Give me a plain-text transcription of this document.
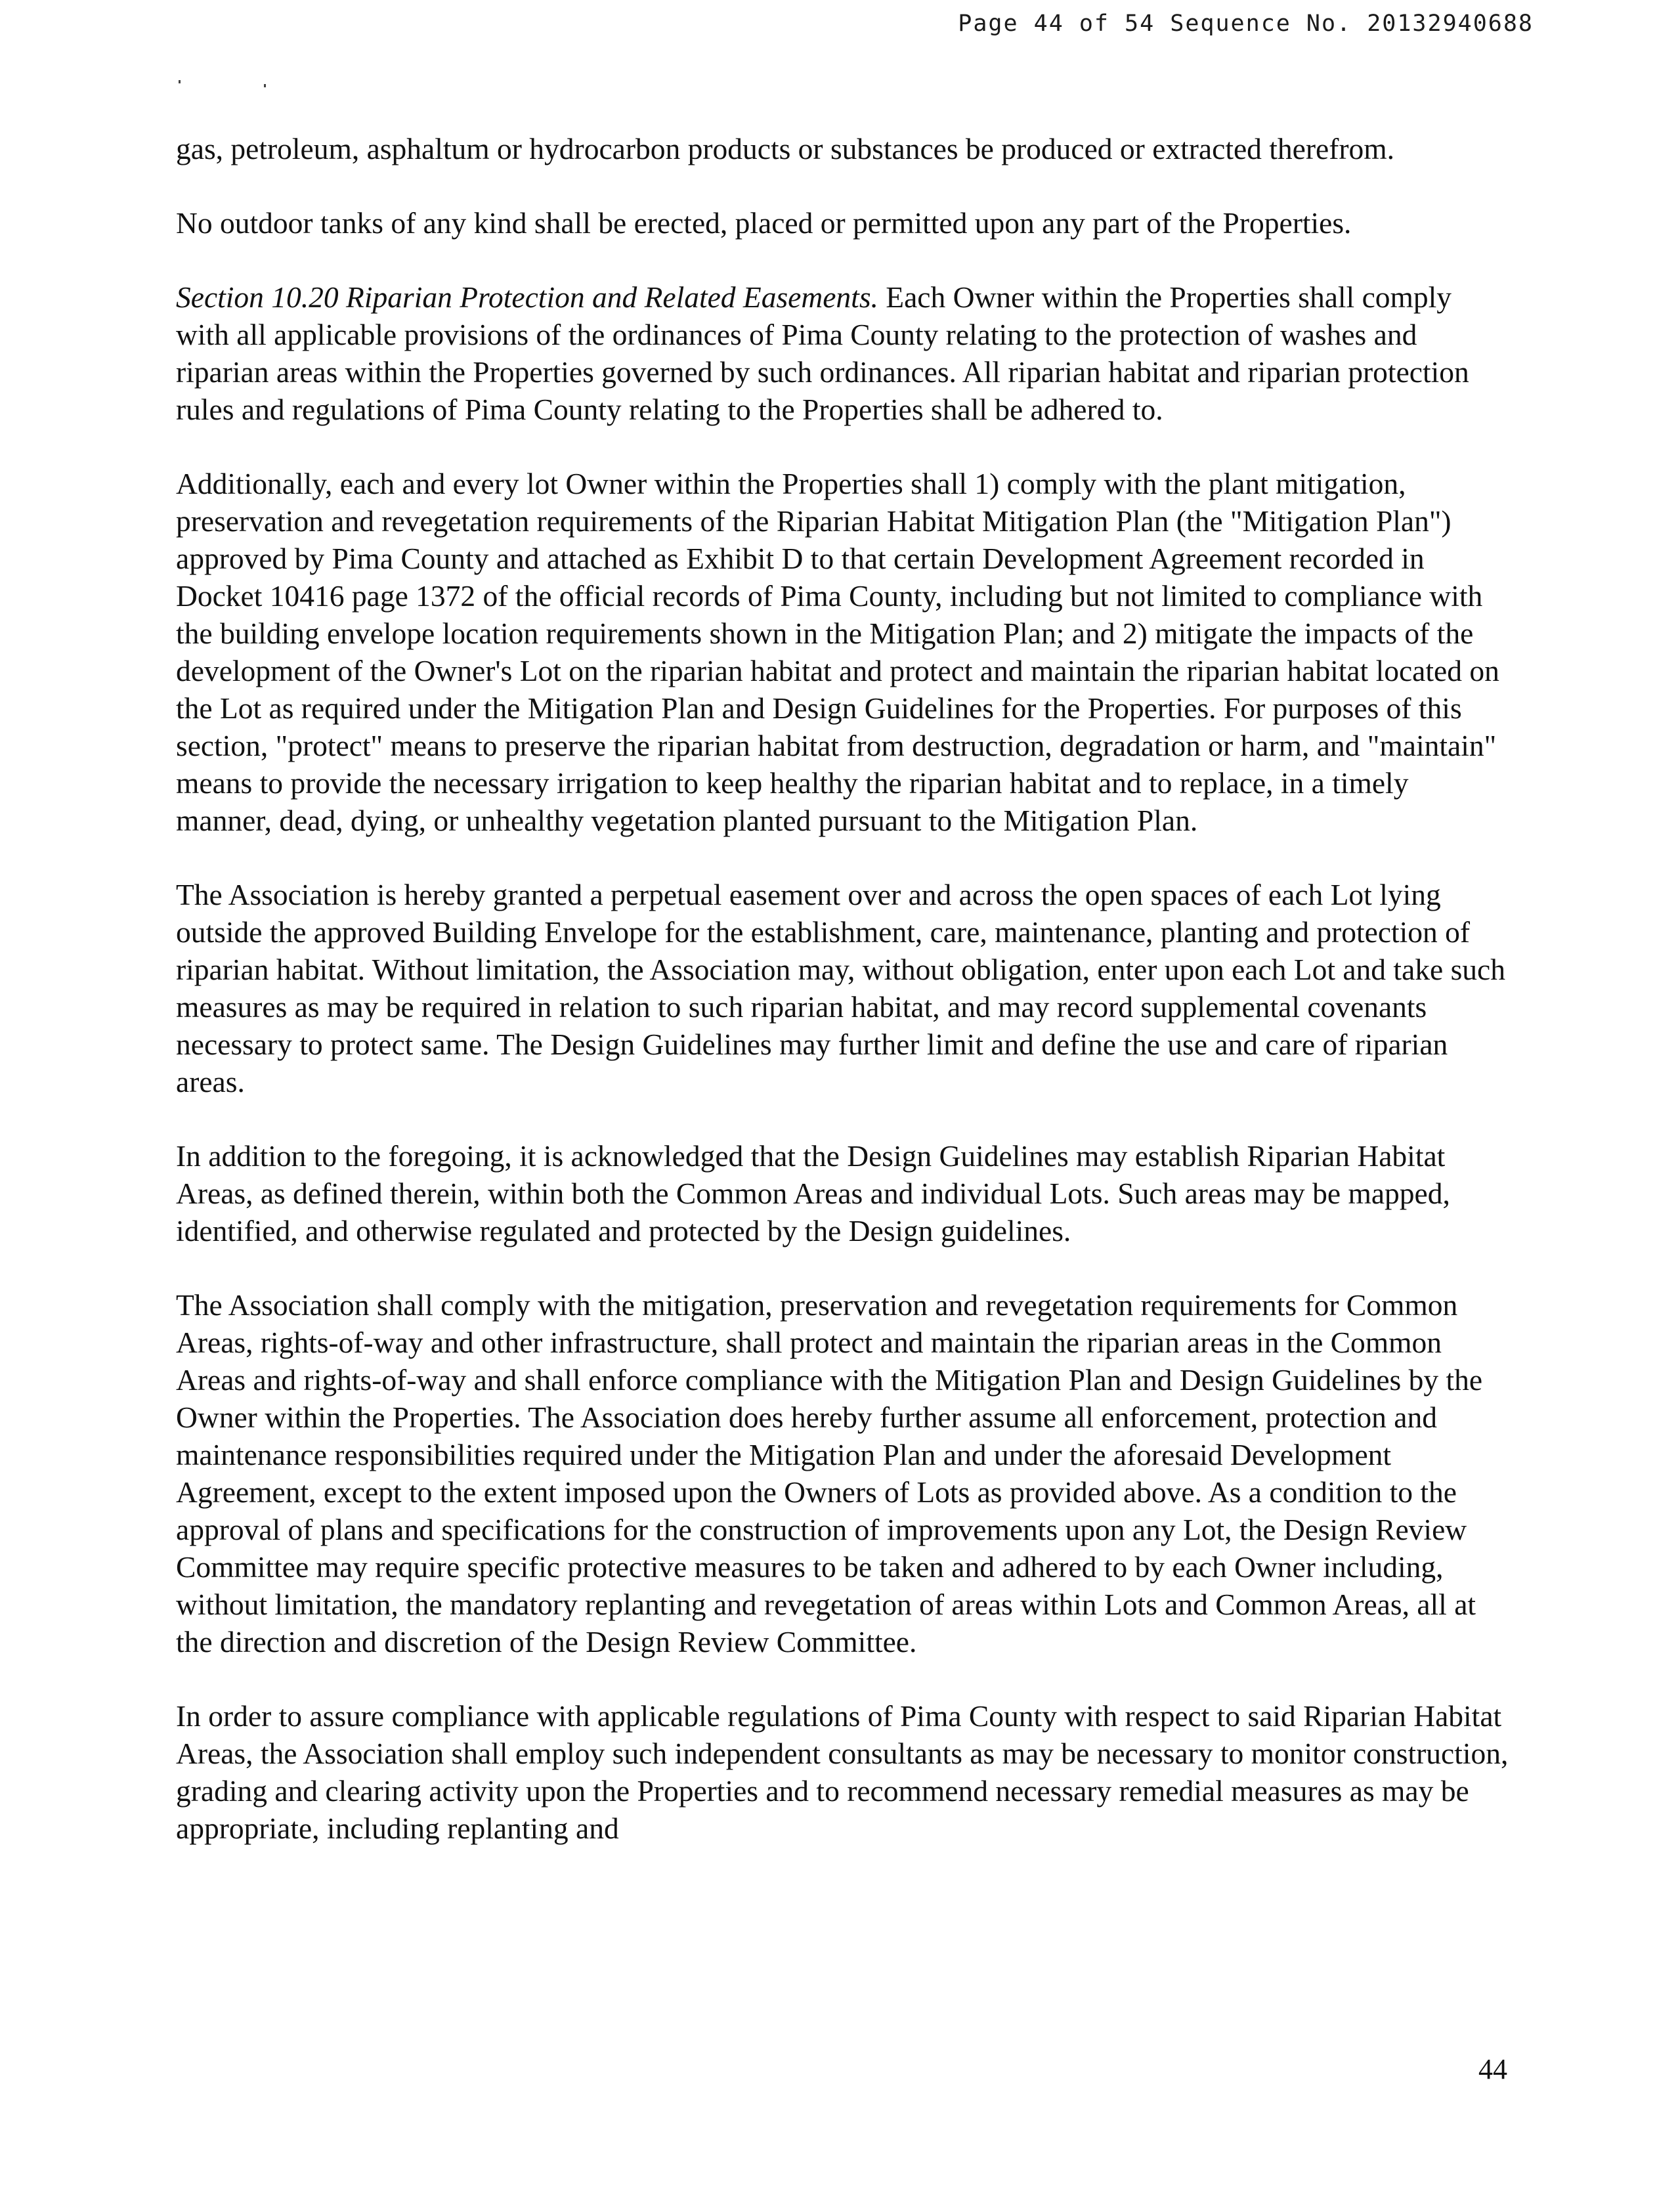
Page 44 of 54 Sequence No. 20132940688

gas, petroleum, asphaltum or hydrocarbon products or substances be produced or extracted therefrom.

No outdoor tanks of any kind shall be erected, placed or permitted upon any part of the Properties.

Section 10.20 Riparian Protection and Related Easements. Each Owner within the Properties shall comply with all applicable provisions of the ordinances of Pima County relating to the protection of washes and riparian areas within the Properties governed by such ordinances. All riparian habitat and riparian protection rules and regulations of Pima County relating to the Properties shall be adhered to.

Additionally, each and every lot Owner within the Properties shall 1) comply with the plant mitigation, preservation and revegetation requirements of the Riparian Habitat Mitigation Plan (the "Mitigation Plan") approved by Pima County and attached as Exhibit D to that certain Development Agreement recorded in Docket 10416 page 1372 of the official records of Pima County, including but not limited to compliance with the building envelope location requirements shown in the Mitigation Plan; and 2) mitigate the impacts of the development of the Owner's Lot on the riparian habitat and protect and maintain the riparian habitat located on the Lot as required under the Mitigation Plan and Design Guidelines for the Properties. For purposes of this section, "protect" means to preserve the riparian habitat from destruction, degradation or harm, and "maintain" means to provide the necessary irrigation to keep healthy the riparian habitat and to replace, in a timely manner, dead, dying, or unhealthy vegetation planted pursuant to the Mitigation Plan.

The Association is hereby granted a perpetual easement over and across the open spaces of each Lot lying outside the approved Building Envelope for the establishment, care, maintenance, planting and protection of riparian habitat. Without limitation, the Association may, without obligation, enter upon each Lot and take such measures as may be required in relation to such riparian habitat, and may record supplemental covenants necessary to protect same. The Design Guidelines may further limit and define the use and care of riparian areas.

In addition to the foregoing, it is acknowledged that the Design Guidelines may establish Riparian Habitat Areas, as defined therein, within both the Common Areas and individual Lots. Such areas may be mapped, identified, and otherwise regulated and protected by the Design guidelines.

The Association shall comply with the mitigation, preservation and revegetation requirements for Common Areas, rights-of-way and other infrastructure, shall protect and maintain the riparian areas in the Common Areas and rights-of-way and shall enforce compliance with the Mitigation Plan and Design Guidelines by the Owner within the Properties. The Association does hereby further assume all enforcement, protection and maintenance responsibilities required under the Mitigation Plan and under the aforesaid Development Agreement, except to the extent imposed upon the Owners of Lots as provided above. As a condition to the approval of plans and specifications for the construction of improvements upon any Lot, the Design Review Committee may require specific protective measures to be taken and adhered to by each Owner including, without limitation, the mandatory replanting and revegetation of areas within Lots and Common Areas, all at the direction and discretion of the Design Review Committee.

In order to assure compliance with applicable regulations of Pima County with respect to said Riparian Habitat Areas, the Association shall employ such independent consultants as may be necessary to monitor construction, grading and clearing activity upon the Properties and to recommend necessary remedial measures as may be appropriate, including replanting and

44
